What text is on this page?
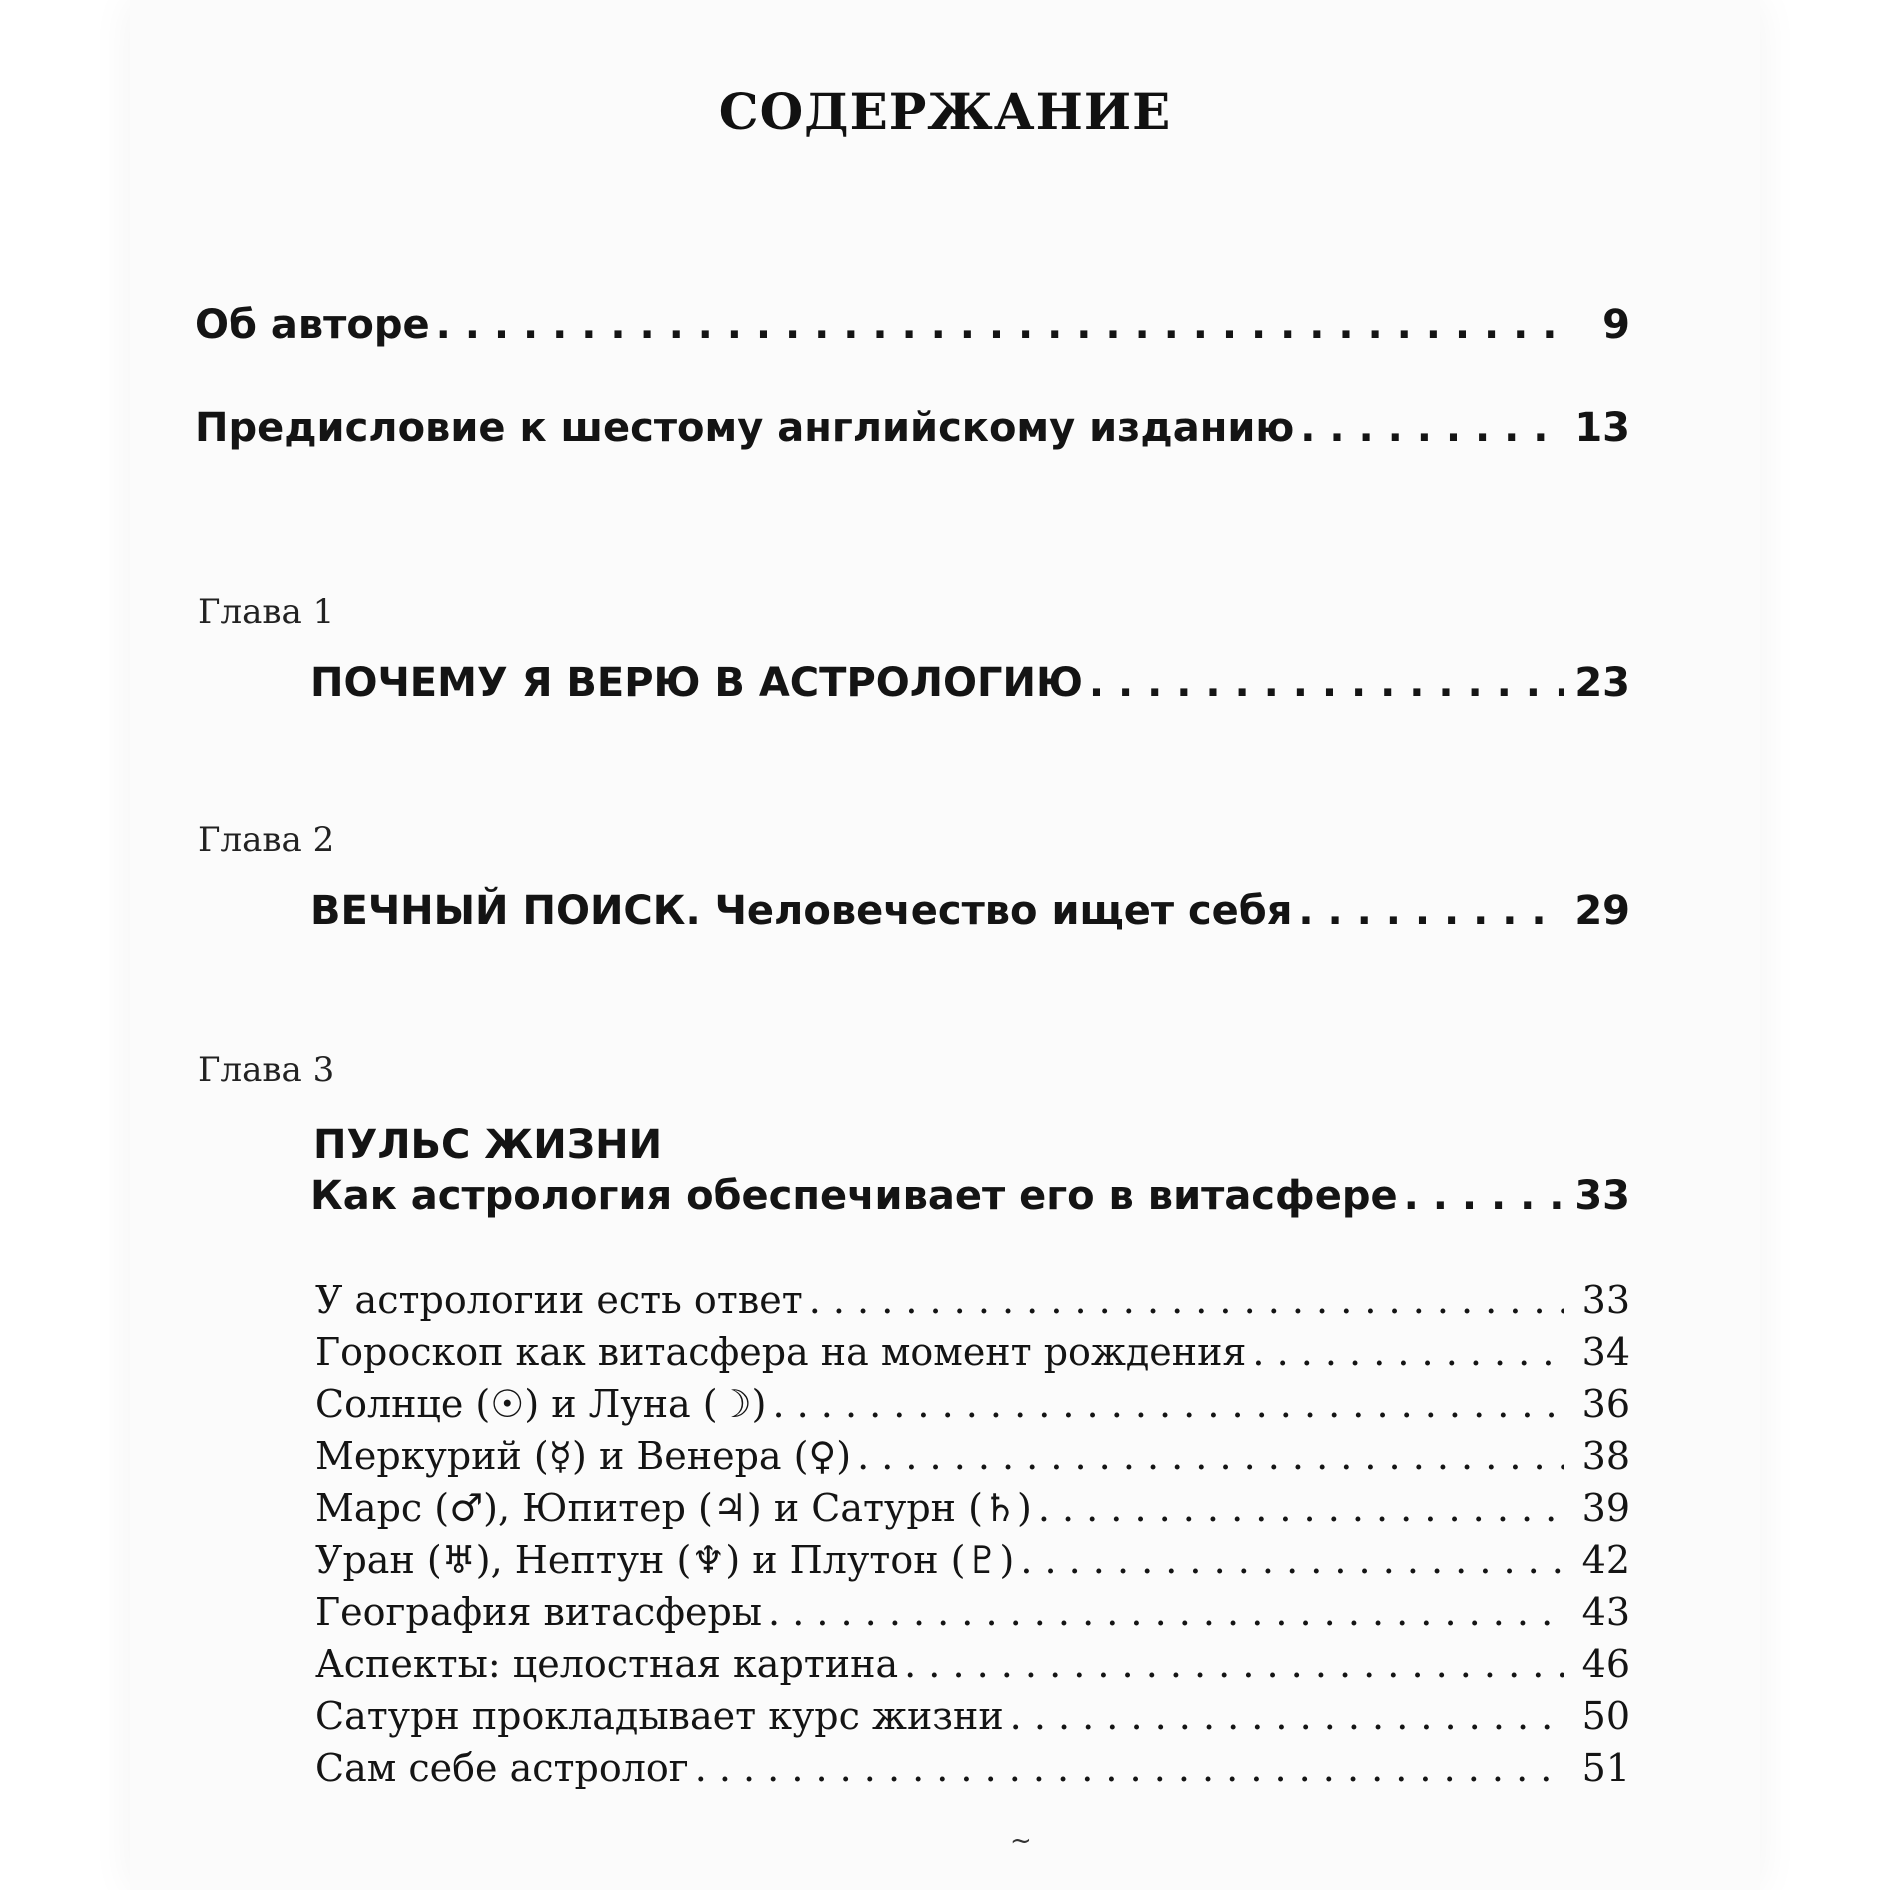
СОДЕРЖАНИЕ
Об авторе . . .	9
Предисловие к шестому английскому изданию . . .	13
Глава 1
ПОЧЕМУ Я ВЕРЮ В АСТРОЛОГИЮ . . .	23
Глава 2
ВЕЧНЫЙ ПОИСК. Человечество ищет себя . . .	29
Глава 3
ПУЛЬС ЖИЗНИ
Как астрология обеспечивает его в витасфере . . .	33
У астрологии есть ответ . . .	33
Гороскоп как витасфера на момент рождения . . .	34
Солнце (☉) и Луна (☽) . . .	36
Меркурий (☿) и Венера (♀) . . .	38
Марс (♂), Юпитер (♃) и Сатурн (♄) . . .	39
Уран (♅), Нептун (♆) и Плутон (♇) . . .	42
География витасферы . . .	43
Аспекты: целостная картина . . .	46
Сатурн прокладывает курс жизни . . .	50
Сам себе астролог . . .	51
~
